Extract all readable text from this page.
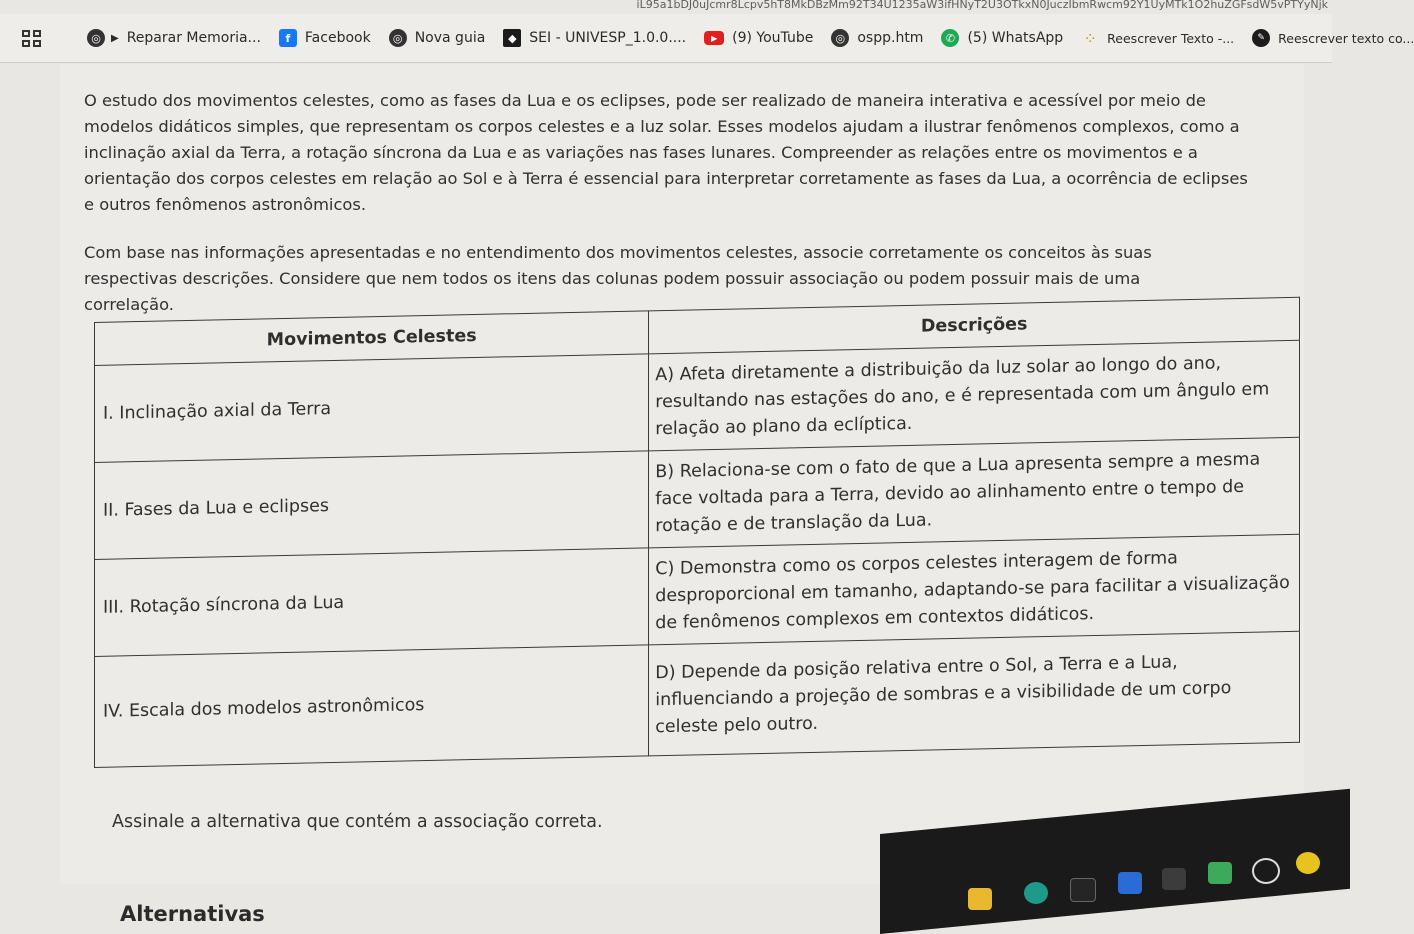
iL95a1bDJ0uJcmr8Lcpv5hT8MkDBzMm92T34U1235aW3ifHNyT2U3OTkxN0JuczIbmRwcm92Y1UyMTk1O2huZGFsdW5vPTYyNjk
◎	▶ Reparar Memoria...	f	Facebook	◎ Nova guia	◆ SEI - UNIVESP_1.0.0....	▶	(9) YouTube	◎ ospp.htm	✆ (5) WhatsApp ⁘ Reescrever Texto -...	✎	Reescrever texto co...
O estudo dos movimentos celestes, como as fases da Lua e os eclipses, pode ser realizado de maneira interativa e acessível por meio de modelos didáticos simples, que representam os corpos celestes e a luz solar. Esses modelos ajudam a ilustrar fenômenos complexos, como a inclinação axial da Terra, a rotação síncrona da Lua e as variações nas fases lunares. Compreender as relações entre os movimentos e a orientação dos corpos celestes em relação ao Sol e à Terra é essencial para interpretar corretamente as fases da Lua, a ocorrência de eclipses e outros fenômenos astronômicos.
Com base nas informações apresentadas e no entendimento dos movimentos celestes, associe corretamente os conceitos às suas respectivas descrições. Considere que nem todos os itens das colunas podem possuir associação ou podem possuir mais de uma correlação.
Movimentos Celestes	Descrições
I. Inclinação axial da Terra	A) Afeta diretamente a distribuição da luz solar ao longo do ano, resultando nas estações do ano, e é representada com um ângulo em relação ao plano da eclíptica.
II. Fases da Lua e eclipses	B) Relaciona-se com o fato de que a Lua apresenta sempre a mesma face voltada para a Terra, devido ao alinhamento entre o tempo de rotação e de translação da Lua.
III. Rotação síncrona da Lua	C) Demonstra como os corpos celestes interagem de forma desproporcional em tamanho, adaptando-se para facilitar a visualização de fenômenos complexos em contextos didáticos.
IV. Escala dos modelos astronômicos	D) Depende da posição relativa entre o Sol, a Terra e a Lua, influenciando a projeção de sombras e a visibilidade de um corpo celeste pelo outro.
Assinale a alternativa que contém a associação correta.
Alternativas
